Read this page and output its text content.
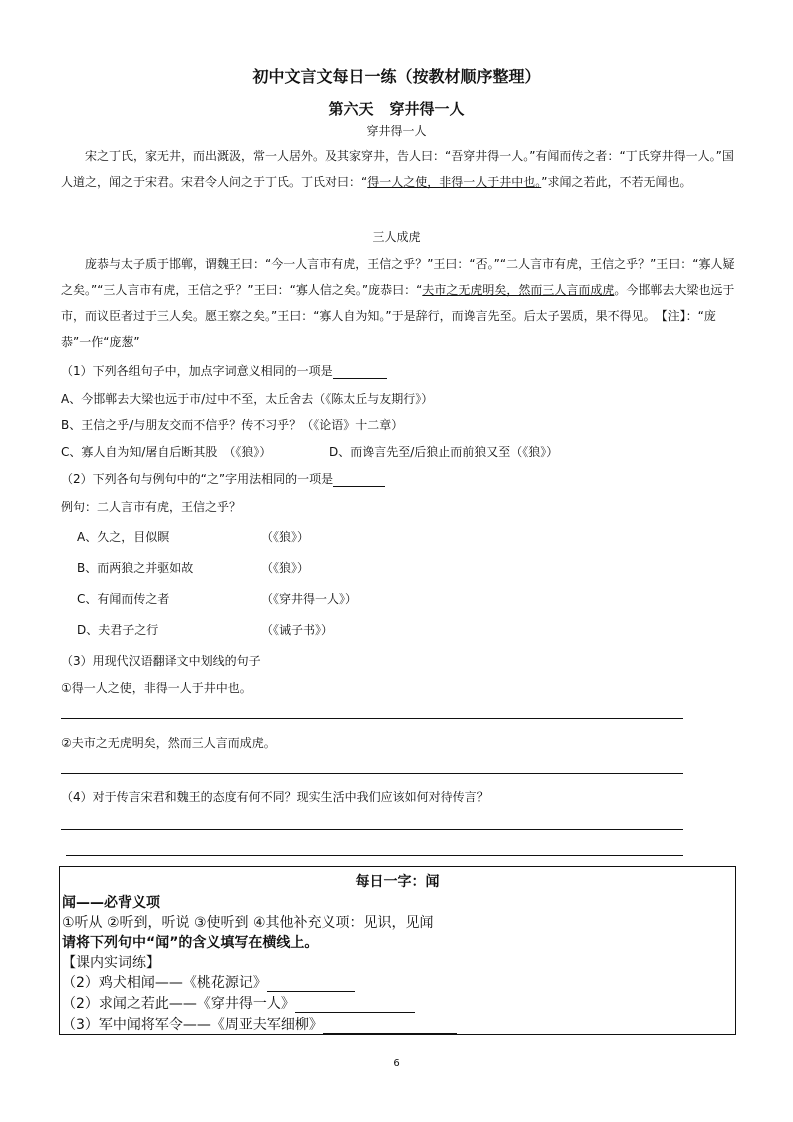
初中文言文每日一练（按教材顺序整理）
第六天 穿井得一人
穿井得一人
宋之丁氏，家无井，而出溉汲，常一人居外。及其家穿井，告人曰：“吾穿井得一人。”有闻而传之者：“丁氏穿井得一人。”国人道之，闻之于宋君。宋君令人问之于丁氏。丁氏对曰：“得一人之使，非得一人于井中也。”求闻之若此，不若无闻也。
三人成虎
庞恭与太子质于邯郸，谓魏王曰：“今一人言市有虎，王信之乎？”王曰：“否。”“二人言市有虎，王信之乎？”王曰：“寡人疑之矣。”“三人言市有虎，王信之乎？”王曰：“寡人信之矣。”庞恭曰：“夫市之无虎明矣，然而三人言而成虎。今邯郸去大梁也远于市，而议臣者过于三人矣。愿王察之矣。”王曰：“寡人自为知。”于是辞行，而谗言先至。后太子罢质，果不得见。　【注】：“庞恭”一作“庞葱”
（1）下列各组句子中，加点字词意义相同的一项是
A、今邯郸去大梁也远于市/过中不至，太丘舍去（《陈太丘与友期行》）
B、王信之乎/与朋友交而不信乎？传不习乎？（《论语》十二章）
C、寡人自为知/屠自后断其股　（《狼》）	D、而谗言先至/后狼止而前狼又至（《狼》）
（2）下列各句与例句中的“之”字用法相同的一项是
例句：二人言市有虎，王信之乎？
A、久之，目似瞑	（《狼》）
B、而两狼之并驱如故	（《狼》）
C、有闻而传之者	（《穿井得一人》）
D、夫君子之行	（《诫子书》）
（3）用现代汉语翻译文中划线的句子
①得一人之使，非得一人于井中也。
②夫市之无虎明矣，然而三人言而成虎。
（4）对于传言宋君和魏王的态度有何不同？现实生活中我们应该如何对待传言？
每日一字：闻
闻——必背义项
①听从 ②听到，听说 ③使听到 ④其他补充义项：见识，见闻
请将下列句中“闻”的含义填写在横线上。
【课内实词练】
（2）鸡犬相闻——《桃花源记》
（2）求闻之若此——《穿井得一人》
（3）军中闻将军令——《周亚夫军细柳》
6
